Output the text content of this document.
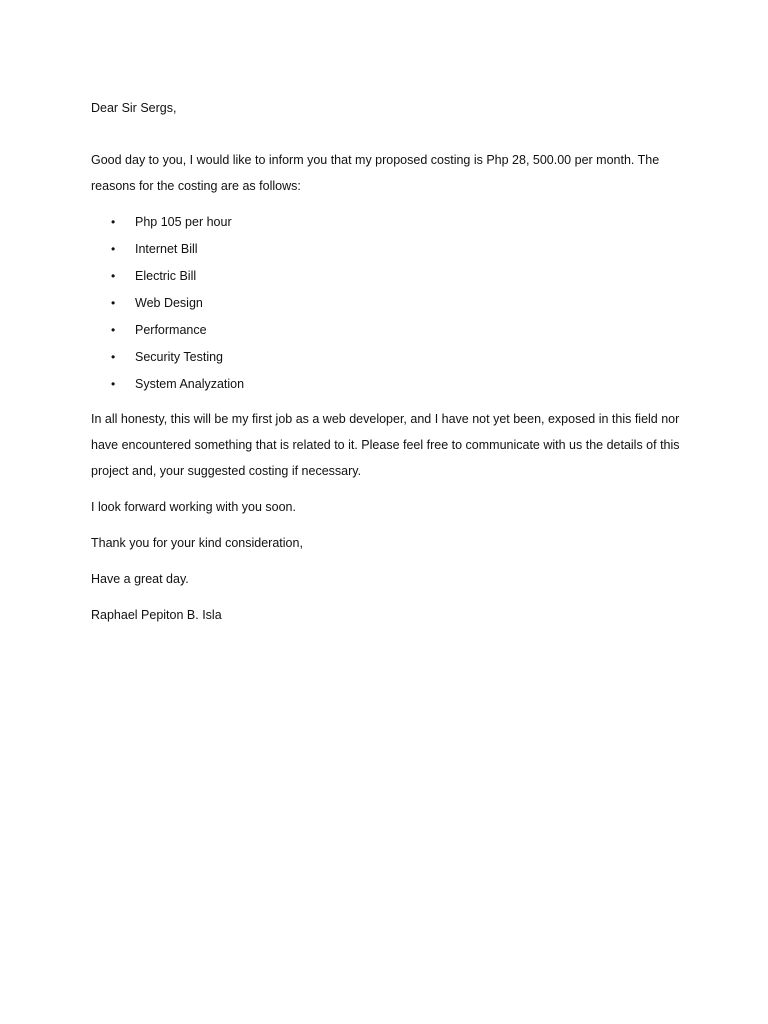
Dear Sir Sergs,

Good day to you, I would like to inform you that my proposed costing is Php 28, 500.00 per month. The reasons for the costing are as follows:

• Php 105 per hour
• Internet Bill
• Electric Bill
• Web Design
• Performance
• Security Testing
• System Analyzation

In all honesty, this will be my first job as a web developer, and I have not yet been, exposed in this field nor have encountered something that is related to it. Please feel free to communicate with us the details of this project and, your suggested costing if necessary.

I look forward working with you soon.

Thank you for your kind consideration,

Have a great day.

Raphael Pepiton B. Isla
